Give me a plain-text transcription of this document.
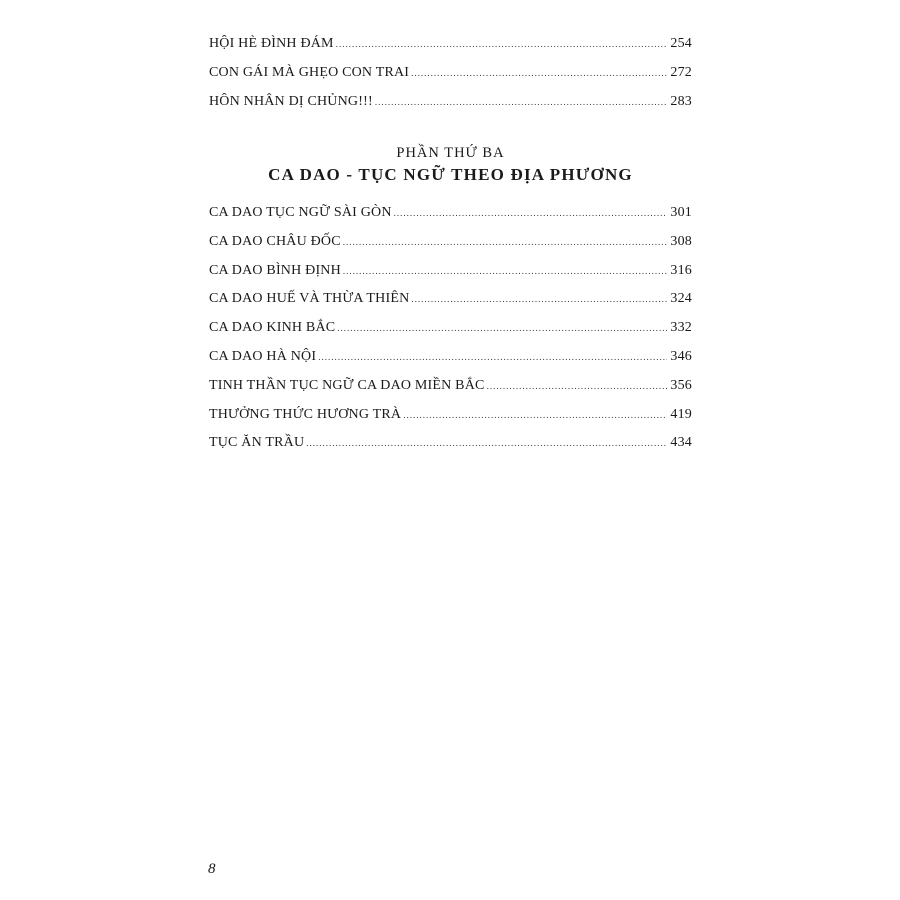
HỘI HÈ ĐÌNH ĐÁM .....	254
CON GÁI MÀ GHẸO CON TRAI .....	272
HÔN NHÂN DỊ CHỦNG!!! .....	283
PHẦN THỨ BA
CA DAO - TỤC NGỮ THEO ĐỊA PHƯƠNG
CA DAO TỤC NGỮ SÀI GÒN .....	301
CA DAO CHÂU ĐỐC .....	308
CA DAO BÌNH ĐỊNH .....	316
CA DAO HUẾ VÀ THỪA THIÊN .....	324
CA DAO KINH BẮC .....	332
CA DAO HÀ NỘI .....	346
TINH THẦN TỤC NGỮ CA DAO MIỀN BẮC .....	356
THƯỞNG THỨC HƯƠNG TRÀ .....	419
TỤC ĂN TRẦU .....	434
8
